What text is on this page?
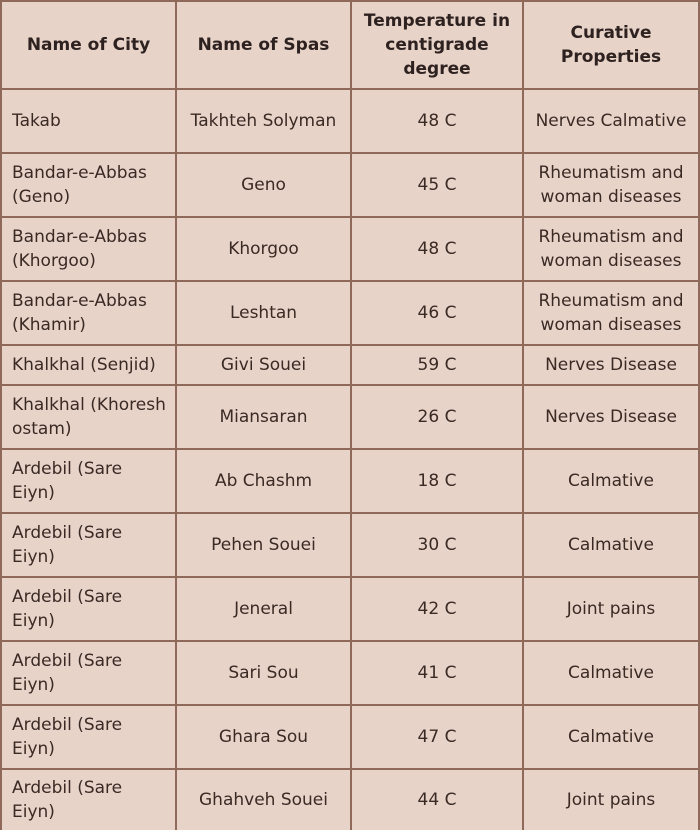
Name of City	Name of Spas	Temperature in centigrade degree	Curative Properties
Takab	Takhteh Solyman	48 C	Nerves Calmative
Bandar-e-Abbas (Geno)	Geno	45 C	Rheumatism and woman diseases
Bandar-e-Abbas (Khorgoo)	Khorgoo	48 C	Rheumatism and woman diseases
Bandar-e-Abbas (Khamir)	Leshtan	46 C	Rheumatism and woman diseases
Khalkhal (Senjid)	Givi Souei	59 C	Nerves Disease
Khalkhal (Khoresh ostam)	Miansaran	26 C	Nerves Disease
Ardebil (Sare Eiyn)	Ab Chashm	18 C	Calmative
Ardebil (Sare Eiyn)	Pehen Souei	30 C	Calmative
Ardebil (Sare Eiyn)	Jeneral	42 C	Joint pains
Ardebil (Sare Eiyn)	Sari Sou	41 C	Calmative
Ardebil (Sare Eiyn)	Ghara Sou	47 C	Calmative
Ardebil (Sare Eiyn)	Ghahveh Souei	44 C	Joint pains
